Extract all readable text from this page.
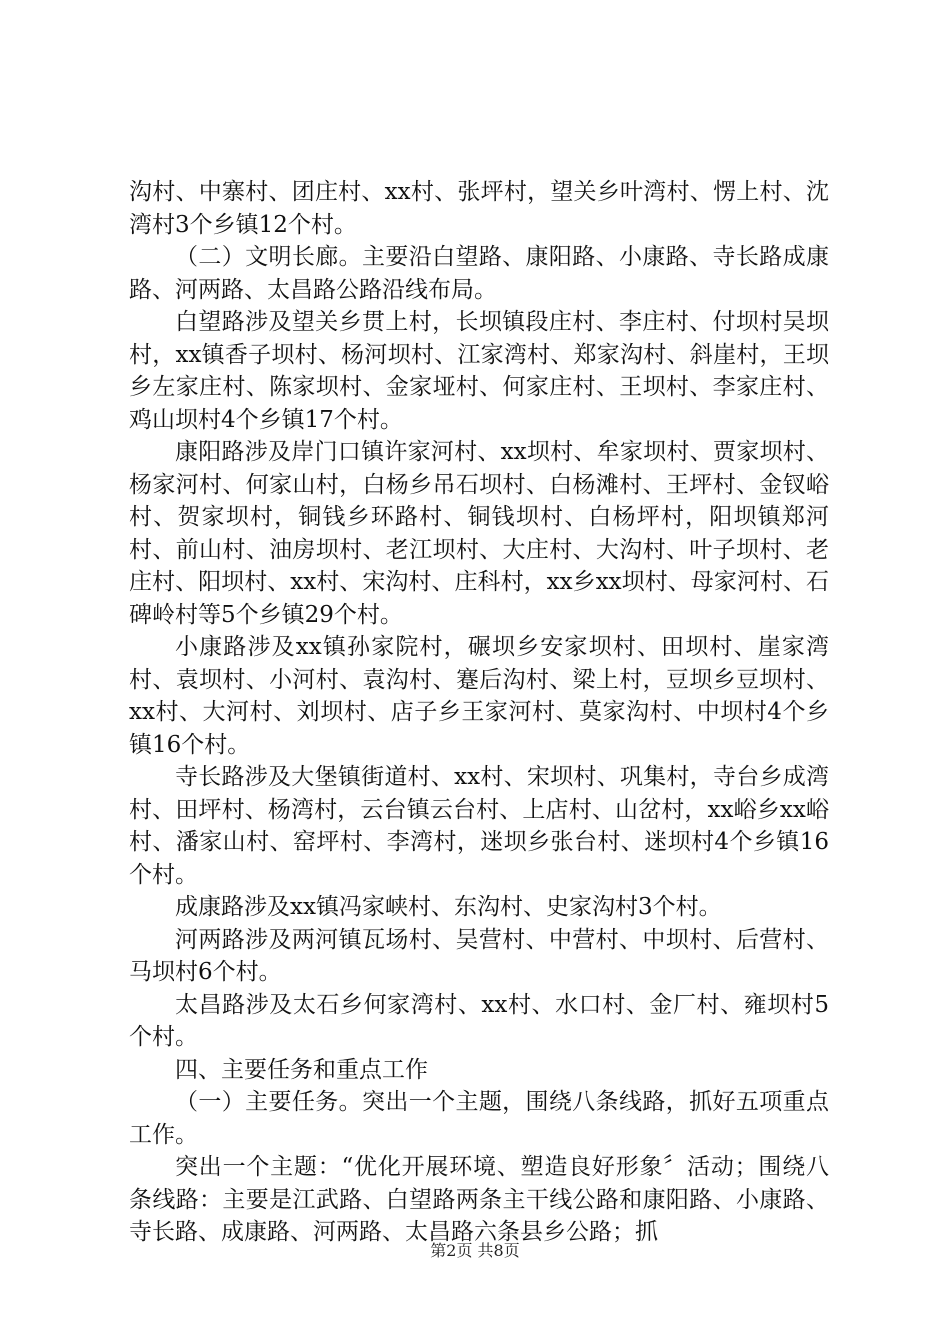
沟村、中寨村、团庄村、xx村、张坪村，望关乡叶湾村、愣上村、沈湾村3个乡镇12个村。

（二）文明长廊。主要沿白望路、康阳路、小康路、寺长路成康路、河两路、太昌路公路沿线布局。

白望路涉及望关乡贯上村，长坝镇段庄村、李庄村、付坝村吴坝村，xx镇香子坝村、杨河坝村、江家湾村、郑家沟村、斜崖村，王坝乡左家庄村、陈家坝村、金家垭村、何家庄村、王坝村、李家庄村、鸡山坝村4个乡镇17个村。

康阳路涉及岸门口镇许家河村、xx坝村、牟家坝村、贾家坝村、杨家河村、何家山村，白杨乡吊石坝村、白杨滩村、王坪村、金钗峪村、贺家坝村，铜钱乡环路村、铜钱坝村、白杨坪村，阳坝镇郑河村、前山村、油房坝村、老江坝村、大庄村、大沟村、叶子坝村、老庄村、阳坝村、xx村、宋沟村、庄科村，xx乡xx坝村、母家河村、石碑岭村等5个乡镇29个村。

小康路涉及xx镇孙家院村，碾坝乡安家坝村、田坝村、崖家湾村、袁坝村、小河村、袁沟村、蹇后沟村、梁上村，豆坝乡豆坝村、xx村、大河村、刘坝村、店子乡王家河村、莫家沟村、中坝村4个乡镇16个村。

寺长路涉及大堡镇街道村、xx村、宋坝村、巩集村，寺台乡成湾村、田坪村、杨湾村，云台镇云台村、上店村、山岔村，xx峪乡xx峪村、潘家山村、窑坪村、李湾村，迷坝乡张台村、迷坝村4个乡镇16个村。

成康路涉及xx镇冯家峡村、东沟村、史家沟村3个村。

河两路涉及两河镇瓦场村、吴营村、中营村、中坝村、后营村、马坝村6个村。

太昌路涉及太石乡何家湾村、xx村、水口村、金厂村、雍坝村5个村。

四、主要任务和重点工作

（一）主要任务。突出一个主题，围绕八条线路，抓好五项重点工作。

突出一个主题：“优化开展环境、塑造良好形象〞活动；围绕八条线路：主要是江武路、白望路两条主干线公路和康阳路、小康路、寺长路、成康路、河两路、太昌路六条县乡公路；抓

第2页 共8页
